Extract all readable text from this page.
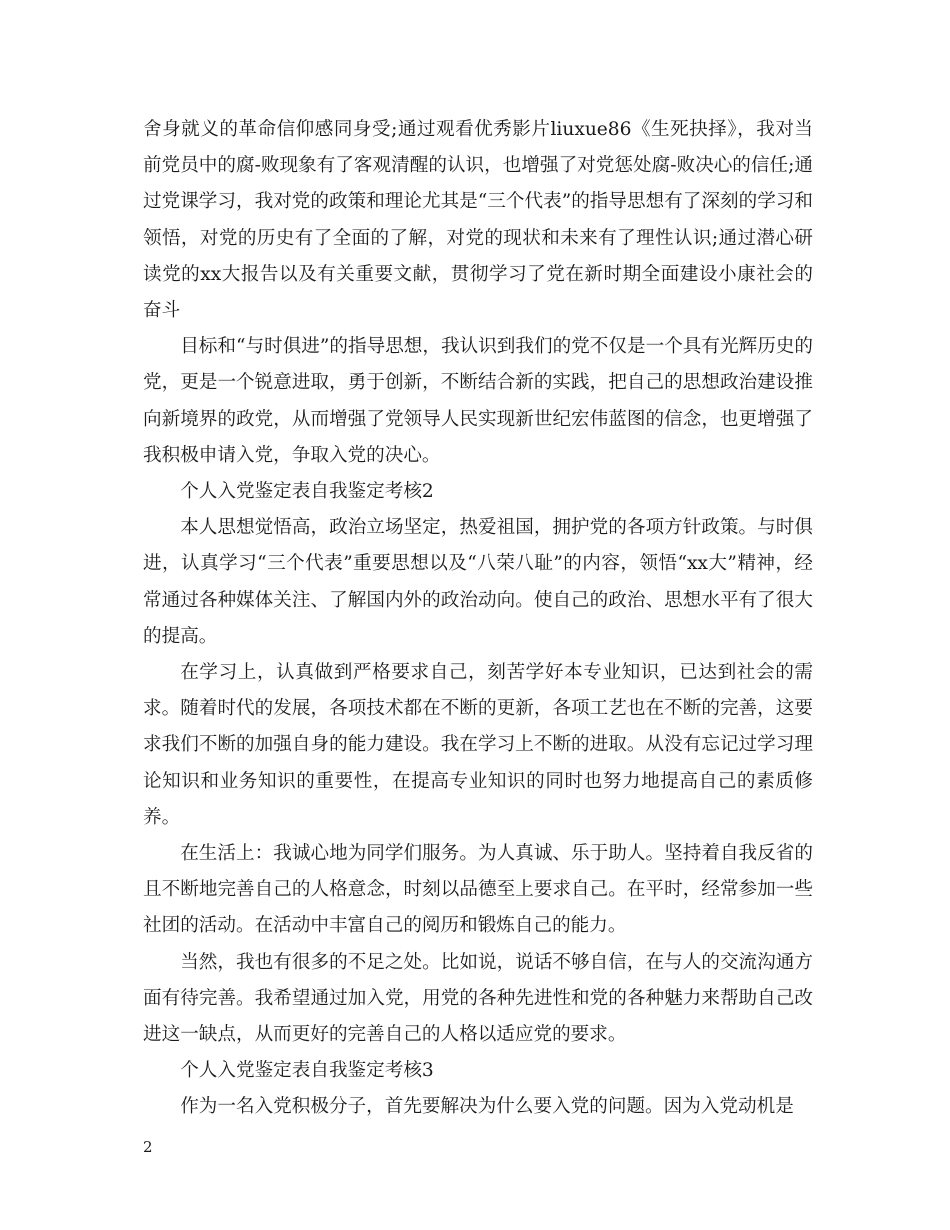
舍身就义的革命信仰感同身受;通过观看优秀影片liuxue86《生死抉择》，我对当前党员中的腐-败现象有了客观清醒的认识，也增强了对党惩处腐-败决心的信任;通过党课学习，我对党的政策和理论尤其是“三个代表”的指导思想有了深刻的学习和领悟，对党的历史有了全面的了解，对党的现状和未来有了理性认识;通过潜心研读党的xx大报告以及有关重要文献，贯彻学习了党在新时期全面建设小康社会的奋斗

目标和“与时俱进”的指导思想，我认识到我们的党不仅是一个具有光辉历史的党，更是一个锐意进取，勇于创新，不断结合新的实践，把自己的思想政治建设推向新境界的政党，从而增强了党领导人民实现新世纪宏伟蓝图的信念，也更增强了我积极申请入党，争取入党的决心。

个人入党鉴定表自我鉴定考核2

本人思想觉悟高，政治立场坚定，热爱祖国，拥护党的各项方针政策。与时俱进，认真学习“三个代表”重要思想以及“八荣八耻”的内容，领悟“xx大”精神，经常通过各种媒体关注、了解国内外的政治动向。使自己的政治、思想水平有了很大的提高。

在学习上，认真做到严格要求自己，刻苦学好本专业知识，已达到社会的需求。随着时代的发展，各项技术都在不断的更新，各项工艺也在不断的完善，这要求我们不断的加强自身的能力建设。我在学习上不断的进取。从没有忘记过学习理论知识和业务知识的重要性，在提高专业知识的同时也努力地提高自己的素质修养。

在生活上：我诚心地为同学们服务。为人真诚、乐于助人。坚持着自我反省的且不断地完善自己的人格意念，时刻以品德至上要求自己。在平时，经常参加一些社团的活动。在活动中丰富自己的阅历和锻炼自己的能力。

当然，我也有很多的不足之处。比如说，说话不够自信，在与人的交流沟通方面有待完善。我希望通过加入党，用党的各种先进性和党的各种魅力来帮助自己改进这一缺点，从而更好的完善自己的人格以适应党的要求。

个人入党鉴定表自我鉴定考核3

作为一名入党积极分子，首先要解决为什么要入党的问题。因为入党动机是

2
